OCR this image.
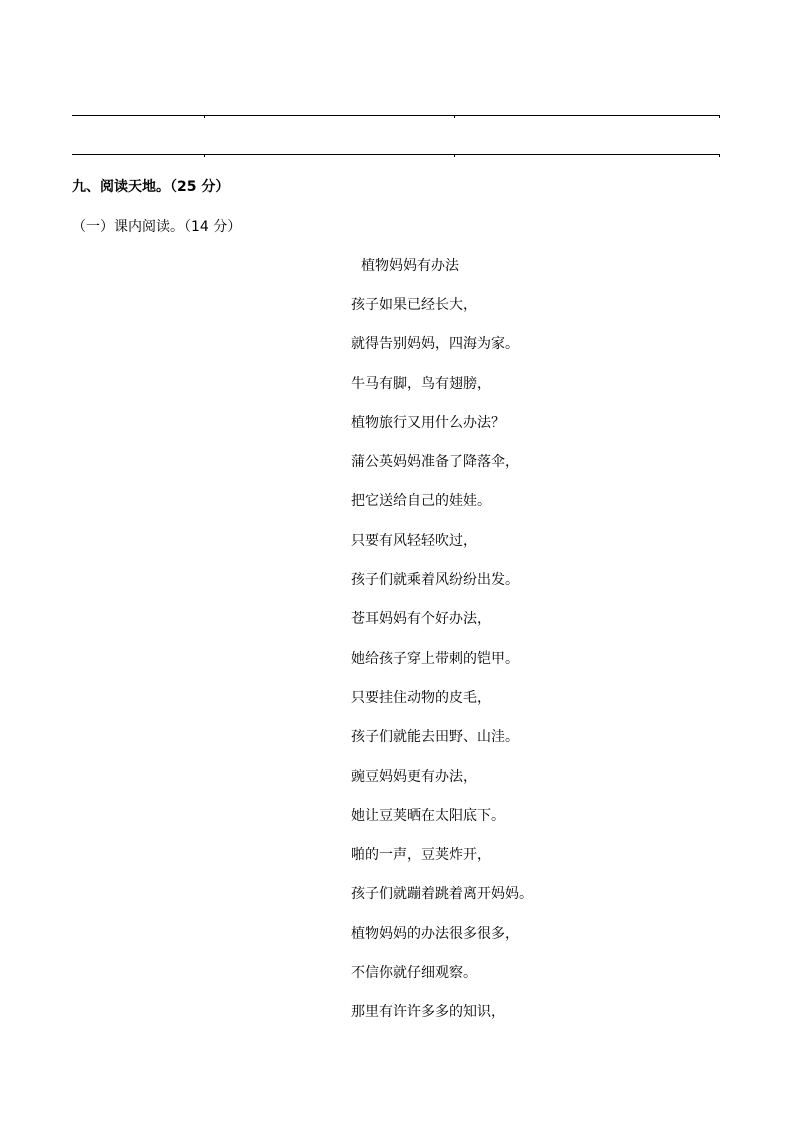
九、阅读天地。（25 分）
（一）课内阅读。（14 分）
植物妈妈有办法
孩子如果已经长大，
就得告别妈妈，四海为家。
牛马有脚，鸟有翅膀，
植物旅行又用什么办法？
蒲公英妈妈准备了降落伞，
把它送给自己的娃娃。
只要有风轻轻吹过，
孩子们就乘着风纷纷出发。
苍耳妈妈有个好办法，
她给孩子穿上带刺的铠甲。
只要挂住动物的皮毛，
孩子们就能去田野、山洼。
豌豆妈妈更有办法，
她让豆荚晒在太阳底下。
啪的一声，豆荚炸开，
孩子们就蹦着跳着离开妈妈。
植物妈妈的办法很多很多，
不信你就仔细观察。
那里有许许多多的知识，
